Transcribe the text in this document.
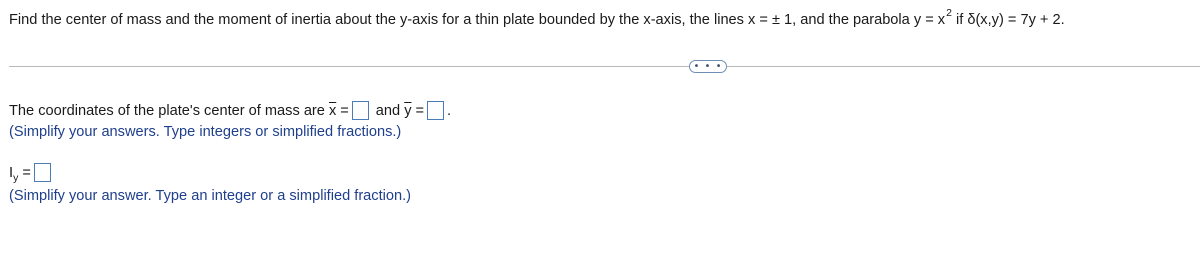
Find the center of mass and the moment of inertia about the y-axis for a thin plate bounded by the x-axis, the lines x = ± 1, and the parabola $y = x^2$ if δ(x,y) = 7y + 2.
• • •
The coordinates of the plate's center of mass are $\overline{x}$ = and $\overline{y}$ = .
(Simplify your answers. Type integers or simplified fractions.)
$I_y$ =
(Simplify your answer. Type an integer or a simplified fraction.)
